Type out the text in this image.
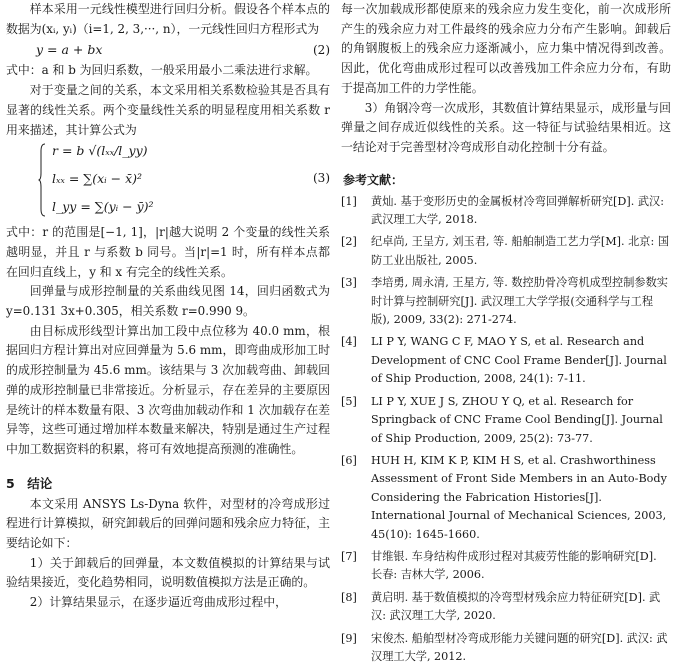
样本采用一元线性模型进行回归分析。假设各个样本点的数据为(xᵢ, yᵢ)（i=1, 2, 3,···, n），一元线性回归方程形式为

y = a + bx	(2)

式中：a 和 b 为回归系数，一般采用最小二乘法进行求解。

对于变量之间的关系，本文采用相关系数检验其是否具有显著的线性关系。两个变量线性关系的明显程度用相关系数 r 用来描述，其计算公式为

r = b √(lₓₓ/l_yy)
lₓₓ = ∑(xᵢ − x̄)²
l_yy = ∑(yᵢ − ȳ)²
(3)

式中：r 的范围是[−1, 1]，|r|越大说明 2 个变量的线性关系越明显，并且 r 与系数 b 同号。当|r|=1 时，所有样本点都在回归直线上，y 和 x 有完全的线性关系。

回弹量与成形控制量的关系曲线见图 14，回归函数式为 y=0.131 3x+0.305，相关系数 r=0.990 9。

由目标成形线型计算出加工段中点位移为 40.0 mm，根据回归方程计算出对应回弹量为 5.6 mm，即弯曲成形加工时的成形控制量为 45.6 mm。该结果与 3 次加载弯曲、卸载回弹的成形控制量已非常接近。分析显示，存在差异的主要原因是统计的样本数量有限、3 次弯曲加载动作和 1 次加载存在差异等，这些可通过增加样本数量来解决，特别是通过生产过程中加工数据资料的积累，将可有效地提高预测的准确性。

5　结论

本文采用 ANSYS Ls-Dyna 软件，对型材的冷弯成形过程进行计算模拟，研究卸载后的回弹问题和残余应力特征，主要结论如下：

1）关于卸载后的回弹量，本文数值模拟的计算结果与试验结果接近，变化趋势相同，说明数值模拟方法是正确的。

2）计算结果显示，在逐步逼近弯曲成形过程中，

每一次加载成形都使原来的残余应力发生变化，前一次成形所产生的残余应力对工件最终的残余应力分布产生影响。卸载后的角钢腹板上的残余应力逐渐减小，应力集中情况得到改善。因此，优化弯曲成形过程可以改善残加工件余应力分布，有助于提高加工件的力学性能。

3）角钢冷弯一次成形，其数值计算结果显示，成形量与回弹量之间存成近似线性的关系。这一特征与试验结果相近。这一结论对于完善型材冷弯成形自动化控制十分有益。

参考文献：
[1] 黄灿. 基于变形历史的金属板材冷弯回弹解析研究[D]. 武汉: 武汉理工大学, 2018.
[2] 纪卓尚, 王呈方, 刘玉君, 等. 船舶制造工艺力学[M]. 北京: 国防工业出版社, 2005.
[3] 李培勇, 周永清, 王星方, 等. 数控肋骨冷弯机成型控制参数实时计算与控制研究[J]. 武汉理工大学学报(交通科学与工程版), 2009, 33(2): 271-274.
[4] LI P Y, WANG C F, MAO Y S, et al. Research and Development of CNC Cool Frame Bender[J]. Journal of Ship Production, 2008, 24(1): 7-11.
[5] LI P Y, XUE J S, ZHOU Y Q, et al. Research for Springback of CNC Frame Cool Bending[J]. Journal of Ship Production, 2009, 25(2): 73-77.
[6] HUH H, KIM K P, KIM H S, et al. Crashworthiness Assessment of Front Side Members in an Auto-Body Considering the Fabrication Histories[J]. International Journal of Mechanical Sciences, 2003, 45(10): 1645-1660.
[7] 甘维银. 车身结构件成形过程对其疲劳性能的影响研究[D]. 长春: 吉林大学, 2006.
[8] 黄启明. 基于数值模拟的冷弯型材残余应力特征研究[D]. 武汉: 武汉理工大学, 2020.
[9] 宋俊杰. 船舶型材冷弯成形能力关键问题的研究[D]. 武汉: 武汉理工大学, 2012.
